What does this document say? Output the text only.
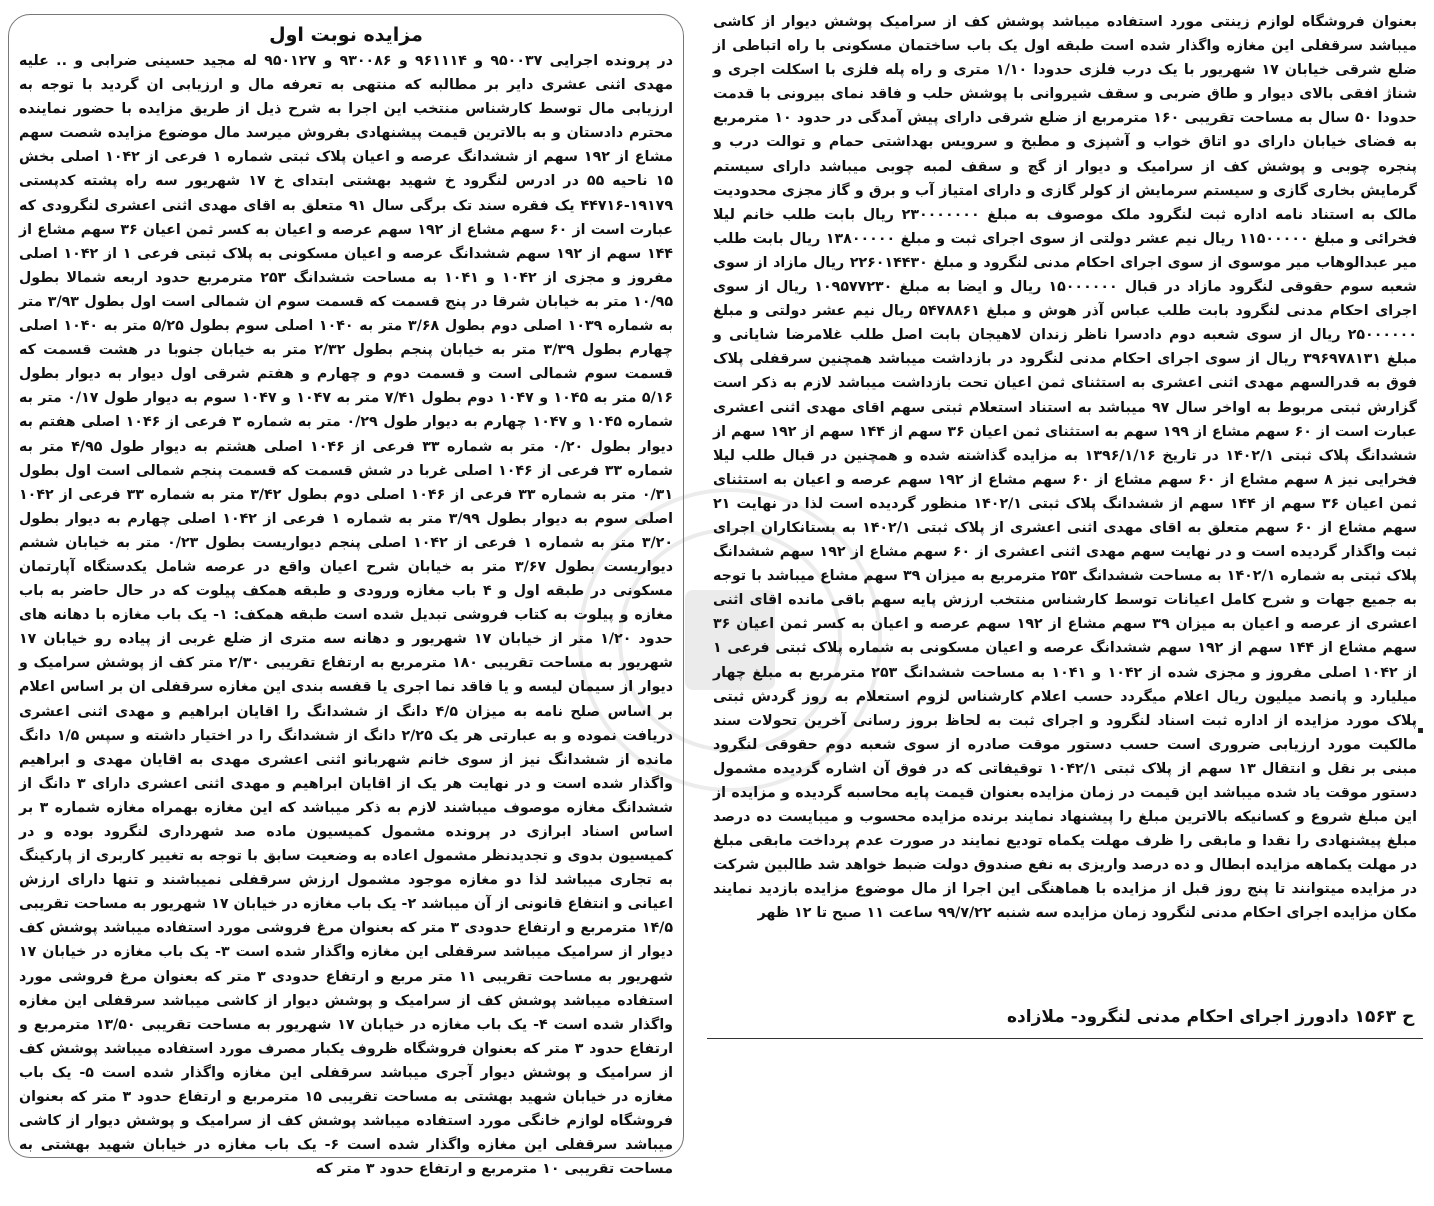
مزایده نوبت اول
در پرونده اجرایی ۹۵۰۰۳۷ و ۹۶۱۱۱۴ و ۹۳۰۰۸۶ و ۹۵۰۱۲۷ له مجید حسینی ضرابی و .. علیه مهدی اثنی عشری دایر بر مطالبه که منتهی به تعرفه مال و ارزیابی ان گردید با توجه به ارزیابی مال توسط کارشناس منتخب این اجرا به شرح ذیل از طریق مزایده با حضور نماینده محترم دادستان و به بالاترین قیمت پیشنهادی بفروش میرسد مال موضوع مزایده شصت سهم مشاع از ۱۹۲ سهم از ششدانگ عرصه و اعیان پلاک ثبتی شماره ۱ فرعی از ۱۰۴۲ اصلی بخش ۱۵ ناحیه ۵۵ در ادرس لنگرود خ شهید بهشتی ابتدای خ ۱۷ شهریور سه راه پشته کدپستی ۱۹۱۷۹-۴۴۷۱۶ یک فقره سند تک برگی سال ۹۱ متعلق به اقای مهدی اثنی اعشری لنگرودی که عبارت است از ۶۰ سهم مشاع از ۱۹۲ سهم عرصه و اعیان به کسر ثمن اعیان ۳۶ سهم مشاع از ۱۴۴ سهم از ۱۹۲ سهم ششدانگ عرصه و اعیان مسکونی به پلاک ثبتی فرعی ۱ از ۱۰۴۲ اصلی مفروز و مجزی از ۱۰۴۲ و ۱۰۴۱ به مساحت ششدانگ ۲۵۳ مترمربع حدود اربعه شمالا بطول ۱۰/۹۵ متر به خیابان شرقا در پنج قسمت که قسمت سوم ان شمالی است اول بطول ۳/۹۳ متر به شماره ۱۰۳۹ اصلی دوم بطول ۳/۶۸ متر به ۱۰۴۰ اصلی سوم بطول ۵/۲۵ متر به ۱۰۴۰ اصلی چهارم بطول ۳/۳۹ متر به خیابان پنجم بطول ۲/۳۲ متر به خیابان جنوبا در هشت قسمت که قسمت سوم شمالی است و قسمت دوم و چهارم و هفتم شرقی اول دیوار به دیوار بطول ۵/۱۶ متر به ۱۰۴۵ و ۱۰۴۷ دوم بطول ۷/۴۱ متر به ۱۰۴۷ و ۱۰۴۷ سوم به دیوار طول ۰/۱۷ متر به شماره ۱۰۴۵ و ۱۰۴۷ چهارم به دیوار طول ۰/۲۹ متر به شماره ۳ فرعی از ۱۰۴۶ اصلی هفتم به دیوار بطول ۰/۲۰ متر به شماره ۳۳ فرعی از ۱۰۴۶ اصلی هشتم به دیوار طول ۴/۹۵ متر به شماره ۳۳ فرعی از ۱۰۴۶ اصلی غربا در شش قسمت که قسمت پنجم شمالی است اول بطول ۰/۳۱ متر به شماره ۳۳ فرعی از ۱۰۴۶ اصلی دوم بطول ۳/۴۲ متر به شماره ۳۳ فرعی از ۱۰۴۲ اصلی سوم به دیوار بطول ۳/۹۹ متر به شماره ۱ فرعی از ۱۰۴۲ اصلی چهارم به دیوار بطول ۳/۲۰ متر به شماره ۱ فرعی از ۱۰۴۲ اصلی پنجم دیواریست بطول ۰/۲۳ متر به خیابان ششم دیواریست بطول ۳/۶۷ متر به خیابان شرح اعیان واقع در عرصه شامل یکدستگاه آپارتمان مسکونی در طبقه اول و ۴ باب مغازه ورودی و طبقه همکف پیلوت که در حال حاضر به باب مغازه و پیلوت به کتاب فروشی تبدیل شده است طبقه همکف: ۱- یک باب مغازه با دهانه های حدود ۱/۲۰ متر از خیابان ۱۷ شهریور و دهانه سه متری از ضلع غربی از پیاده رو خیابان ۱۷ شهریور به مساحت تقریبی ۱۸۰ مترمربع به ارتفاع تقریبی ۲/۳۰ متر کف از پوشش سرامیک و دیوار از سیمان لیسه و یا فاقد نما اجری یا قفسه بندی این مغازه سرقفلی ان بر اساس اعلام بر اساس صلح نامه به میزان ۴/۵ دانگ از ششدانگ را اقایان ابراهیم و مهدی اثنی اعشری دریافت نموده و به عبارتی هر یک ۲/۲۵ دانگ از ششدانگ را در اختیار داشته و سپس ۱/۵ دانگ مانده از ششدانگ نیز از سوی خانم شهربانو اثنی اعشری مهدی به اقایان مهدی و ابراهیم واگذار شده است و در نهایت هر یک از اقایان ابراهیم و مهدی اثنی اعشری دارای ۳ دانگ از ششدانگ مغازه موصوف میباشند لازم به ذکر میباشد که این مغازه بهمراه مغازه شماره ۳ بر اساس اسناد ابرازی در پرونده مشمول کمیسیون ماده صد شهرداری لنگرود بوده و در کمیسیون بدوی و تجدیدنظر مشمول اعاده به وضعیت سابق با توجه به تغییر کاربری از پارکینگ به تجاری میباشد لذا دو مغازه موجود مشمول ارزش سرقفلی نمیباشند و تنها دارای ارزش اعیانی و انتفاع قانونی از آن میباشد ۲- یک باب مغازه در خیابان ۱۷ شهریور به مساحت تقریبی ۱۴/۵ مترمربع و ارتفاع حدودی ۳ متر که بعنوان مرغ فروشی مورد استفاده میباشد پوشش کف دیوار از سرامیک میباشد سرقفلی این مغازه واگذار شده است ۳- یک باب مغازه در خیابان ۱۷ شهریور به مساحت تقریبی ۱۱ متر مربع و ارتفاع حدودی ۳ متر که بعنوان مرغ فروشی مورد استفاده میباشد پوشش کف از سرامیک و پوشش دیوار از کاشی میباشد سرقفلی این مغازه واگذار شده است ۴- یک باب مغازه در خیابان ۱۷ شهریور به مساحت تقریبی ۱۳/۵۰ مترمربع و ارتفاع حدود ۳ متر که بعنوان فروشگاه ظروف یکبار مصرف مورد استفاده میباشد پوشش کف از سرامیک و پوشش دیوار آجری میباشد سرقفلی این مغازه واگذار شده است ۵- یک باب مغازه در خیابان شهید بهشتی به مساحت تقریبی ۱۵ مترمربع و ارتفاع حدود ۳ متر که بعنوان فروشگاه لوازم خانگی مورد استفاده میباشد پوشش کف از سرامیک و پوشش دیوار از کاشی میباشد سرقفلی این مغازه واگذار شده است ۶- یک باب مغازه در خیابان شهید بهشتی به مساحت تقریبی ۱۰ مترمربع و ارتفاع حدود ۳ متر که
بعنوان فروشگاه لوازم زینتی مورد استفاده میباشد پوشش کف از سرامیک پوشش دیوار از کاشی میباشد سرقفلی این مغازه واگذار شده است طبقه اول یک باب ساختمان مسکونی با راه اتباطی از ضلع شرقی خیابان ۱۷ شهریور با یک درب فلزی حدودا ۱/۱۰ متری و راه پله فلزی با اسکلت اجری و شناژ افقی بالای دیوار و طاق ضربی و سقف شیروانی با پوشش حلب و فاقد نمای بیرونی با قدمت حدودا ۵۰ سال به مساحت تقریبی ۱۶۰ مترمربع از ضلع شرقی دارای پیش آمدگی در حدود ۱۰ مترمربع به فضای خیابان دارای دو اتاق خواب و آشپزی و مطبخ و سرویس بهداشتی حمام و توالت درب و پنجره چوبی و پوشش کف از سرامیک و دیوار از گچ و سقف لمبه چوبی میباشد دارای سیستم گرمایش بخاری گازی و سیستم سرمایش از کولر گازی و دارای امتیاز آب و برق و گاز مجزی محدودیت مالک به استناد نامه اداره ثبت لنگرود ملک موصوف به مبلغ ۲۳۰۰۰۰۰۰۰ ریال بابت طلب خانم لیلا فخرائی و مبلغ ۱۱۵۰۰۰۰۰ ریال نیم عشر دولتی از سوی اجرای ثبت و مبلغ ۱۳۸۰۰۰۰۰ ریال بابت طلب میر عبدالوهاب میر موسوی از سوی اجرای احکام مدنی لنگرود و مبلغ ۲۲۶۰۱۴۴۳۰ ریال مازاد از سوی شعبه سوم حقوقی لنگرود مازاد در قبال ۱۵۰۰۰۰۰۰ ریال و ایضا به مبلغ ۱۰۹۵۷۷۲۳۰ ریال از سوی اجرای احکام مدنی لنگرود بابت طلب عباس آذر هوش و مبلغ ۵۴۷۸۸۶۱ ریال نیم عشر دولتی و مبلغ ۲۵۰۰۰۰۰۰ ریال از سوی شعبه دوم دادسرا ناظر زندان لاهیجان بابت اصل طلب غلامرضا شایانی و مبلغ ۳۹۶۹۷۸۱۳۱ ریال از سوی اجرای احکام مدنی لنگرود در بازداشت میباشد همچنین سرقفلی پلاک فوق به قدرالسهم مهدی اثنی اعشری به استثنای ثمن اعیان تحت بازداشت میباشد لازم به ذکر است گزارش ثبتی مربوط به اواخر سال ۹۷ میباشد به استناد استعلام ثبتی سهم اقای مهدی اثنی اعشری عبارت است از ۶۰ سهم مشاع از ۱۹۹ سهم به استثنای ثمن اعیان ۳۶ سهم از ۱۴۴ سهم از ۱۹۲ سهم از ششدانگ پلاک ثبتی ۱۴۰۲/۱ در تاریخ ۱۳۹۶/۱/۱۶ به مزایده گذاشته شده و همچنین در قبال طلب لیلا فخرایی نیز ۸ سهم مشاع از ۶۰ سهم مشاع از ۶۰ سهم مشاع از ۱۹۲ سهم عرصه و اعیان به استثنای ثمن اعیان ۳۶ سهم از ۱۴۴ سهم از ششدانگ پلاک ثبتی ۱۴۰۲/۱ منظور گردیده است لذا در نهایت ۲۱ سهم مشاع از ۶۰ سهم متعلق به اقای مهدی اثنی اعشری از پلاک ثبتی ۱۴۰۲/۱ به بستانکاران اجرای ثبت واگذار گردیده است و در نهایت سهم مهدی اثنی اعشری از ۶۰ سهم مشاع از ۱۹۲ سهم ششدانگ پلاک ثبتی به شماره ۱۴۰۲/۱ به مساحت ششدانگ ۲۵۳ مترمربع به میزان ۳۹ سهم مشاع میباشد با توجه به جمیع جهات و شرح کامل اعیانات توسط کارشناس منتخب ارزش پایه سهم باقی مانده اقای اثنی اعشری از عرصه و اعیان به میزان ۳۹ سهم مشاع از ۱۹۲ سهم عرصه و اعیان به کسر ثمن اعیان ۳۶ سهم مشاع از ۱۴۴ سهم از ۱۹۲ سهم ششدانگ عرصه و اعیان مسکونی به شماره پلاک ثبتی فرعی ۱ از ۱۰۴۲ اصلی مفروز و مجزی شده از ۱۰۴۲ و ۱۰۴۱ به مساحت ششدانگ ۲۵۳ مترمربع به مبلغ چهار میلیارد و پانصد میلیون ریال اعلام میگردد حسب اعلام کارشناس لزوم استعلام به روز گردش ثبتی پلاک مورد مزایده از اداره ثبت اسناد لنگرود و اجرای ثبت به لحاظ بروز رسانی آخرین تحولات سند مالکیت مورد ارزیابی ضروری است حسب دستور موقت صادره از سوی شعبه دوم حقوقی لنگرود مبنی بر نقل و انتقال ۱۳ سهم از پلاک ثبتی ۱۰۴۲/۱ توقیفاتی که در فوق آن اشاره گردیده مشمول دستور موقت یاد شده میباشد این قیمت در زمان مزایده بعنوان قیمت پایه محاسبه گردیده و مزایده از این مبلغ شروع و کسانیکه بالاترین مبلغ را پیشنهاد نمایند برنده مزایده محسوب و میبایست ده درصد مبلغ پیشنهادی را نقدا و مابقی را ظرف مهلت یکماه تودیع نمایند در صورت عدم پرداخت مابقی مبلغ در مهلت یکماهه مزایده ابطال و ده درصد واریزی به نفع صندوق دولت ضبط خواهد شد طالبین شرکت در مزایده میتوانند تا پنج روز قبل از مزایده با هماهنگی این اجرا از مال موضوع مزایده بازدید نمایند مکان مزایده اجرای احکام مدنی لنگرود زمان مزایده سه شنبه ۹۹/۷/۲۲ ساعت ۱۱ صبح تا ۱۲ ظهر
ح ۱۵۶۳ دادورز اجرای احکام مدنی لنگرود- ملازاده
